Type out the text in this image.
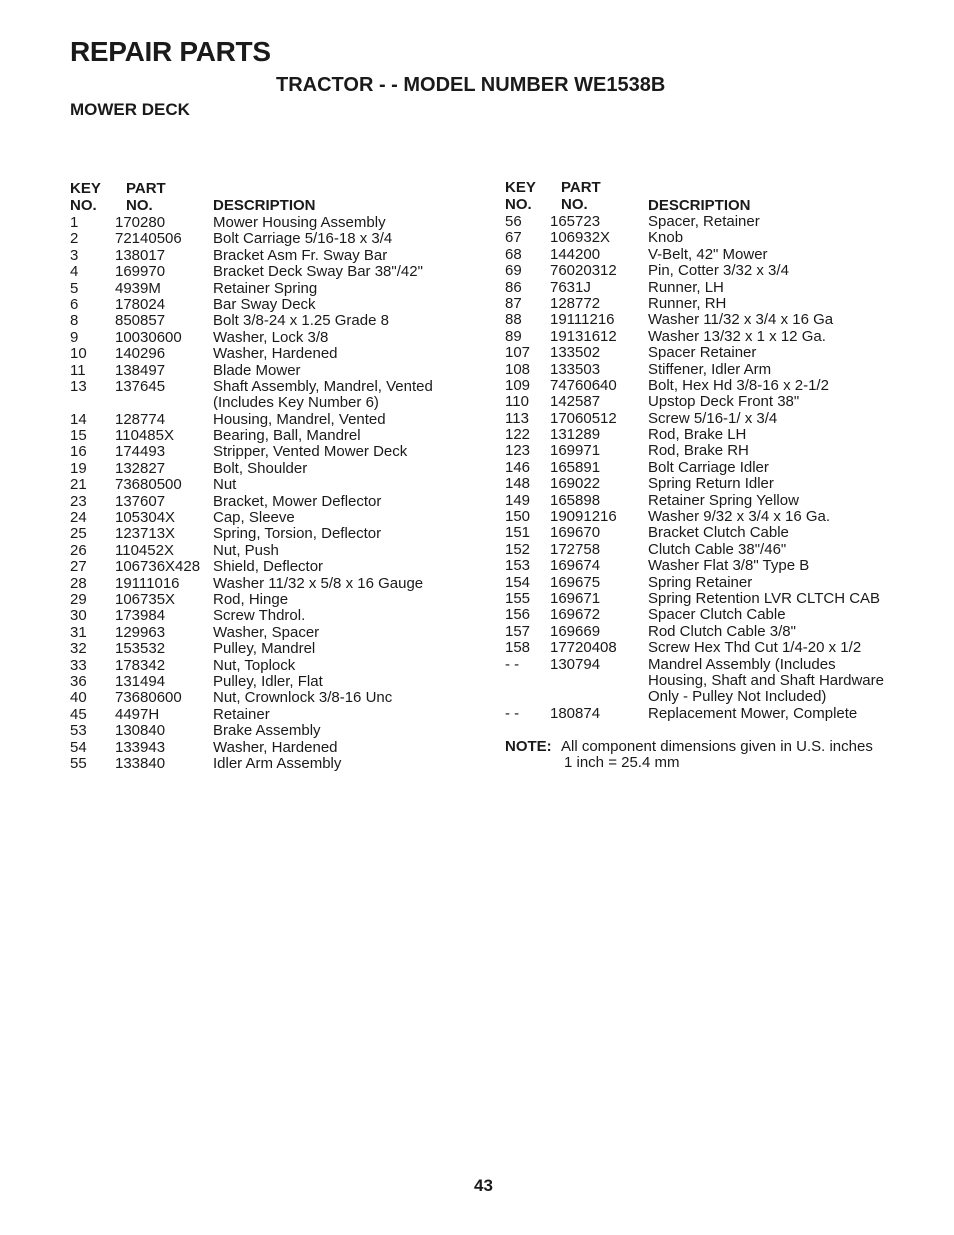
REPAIR PARTS
TRACTOR - - MODEL NUMBER WE1538B
MOWER DECK
KEY
NO.
PART
NO.	DESCRIPTION
1 170280	Mower Housing Assembly
2 72140506 Bolt Carriage 5/16-18 x 3/4
3 138017	Bracket Asm Fr. Sway Bar
4 169970	Bracket Deck Sway Bar 38"/42"
5 4939M	Retainer Spring
6 178024	Bar Sway Deck
8 850857	Bolt 3/8-24 x 1.25 Grade 8
9 10030600 Washer, Lock 3/8
10 140296	Washer, Hardened
11 138497	Blade Mower
13 137645	Shaft Assembly, Mandrel, Vented
(Includes Key Number 6)
14 128774	Housing, Mandrel, Vented
15 110485X	Bearing, Ball, Mandrel
16 174493	Stripper, Vented Mower Deck
19 132827	Bolt, Shoulder
21 73680500 Nut
23 137607	Bracket, Mower Deflector
24 105304X	Cap, Sleeve
25 123713X	Spring, Torsion, Deflector
26 110452X	Nut, Push
27 106736X428 Shield, Deflector
28 19111016 Washer 11/32 x 5/8 x 16 Gauge
29 106735X	Rod, Hinge
30 173984	Screw Thdrol.
31 129963	Washer, Spacer
32 153532	Pulley, Mandrel
33 178342	Nut, Toplock
36 131494	Pulley, Idler, Flat
40 73680600 Nut, Crownlock 3/8-16 Unc
45 4497H	Retainer
53 130840	Brake Assembly
54 133943	Washer, Hardened
55 133840	Idler Arm Assembly
KEY
NO.
PART
NO.	DESCRIPTION
56 165723	Spacer, Retainer
67 106932X	Knob
68 144200	V-Belt, 42" Mower
69 76020312 Pin, Cotter 3/32 x 3/4
86 7631J	Runner, LH
87 128772	Runner, RH
88 19111216 Washer 11/32 x 3/4 x 16 Ga
89 19131612 Washer 13/32 x 1 x 12 Ga.
107 133502	Spacer Retainer
108 133503	Stiffener, Idler Arm
109 74760640 Bolt, Hex Hd 3/8-16 x 2-1/2
110 142587	Upstop Deck Front 38"
113 17060512 Screw 5/16-1/ x 3/4
122 131289	Rod, Brake LH
123 169971	Rod, Brake RH
146 165891	Bolt Carriage Idler
148 169022	Spring Return Idler
149 165898	Retainer Spring Yellow
150 19091216 Washer 9/32 x 3/4 x 16 Ga.
151 169670	Bracket Clutch Cable
152 172758	Clutch Cable 38"/46"
153 169674	Washer Flat 3/8" Type B
154 169675	Spring Retainer
155 169671	Spring Retention LVR CLTCH CAB
156 169672	Spacer Clutch Cable
157 169669	Rod Clutch Cable 3/8"
158 17720408 Screw Hex Thd Cut 1/4-20 x 1/2
- - 130794	Mandrel Assembly (Includes
Housing, Shaft and Shaft Hardware
Only - Pulley Not Included)
- - 180874	Replacement Mower, Complete
NOTE: All component dimensions given in U.S. inches
1 inch = 25.4 mm
43
